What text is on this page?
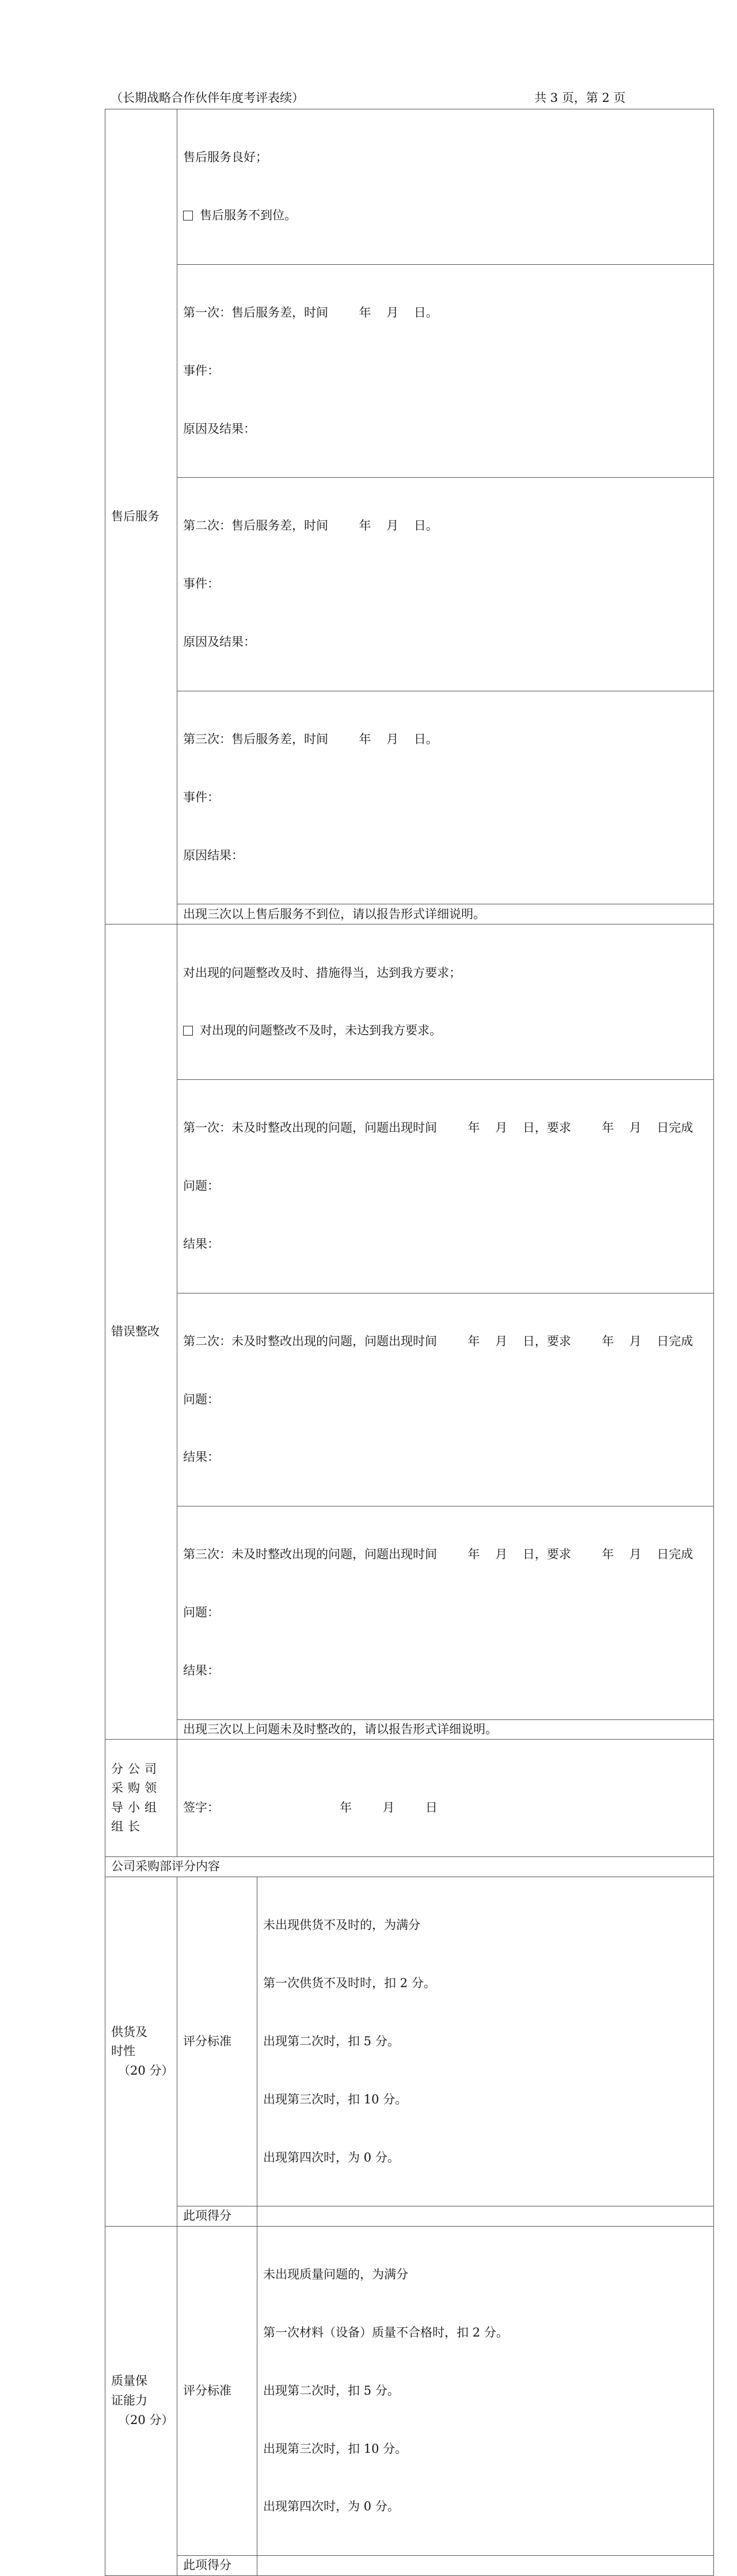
（长期战略合作伙伴年度考评表续）	共 3 页，第 2 页
售后服务	售后服务良好；

售后服务不到位。	

	第一次：售后服务差，时间        年    月    日。

事件：

原因及结果：	

	第二次：售后服务差，时间        年    月    日。

事件：

原因及结果：	

	第三次：售后服务差，时间        年    月    日。

事件：

原因结果：	

	出现三次以上售后服务不到位，请以报告形式详细说明。	
错误整改	对出现的问题整改及时、措施得当，达到我方要求；

对出现的问题整改不及时，未达到我方要求。	

	第一次：未及时整改出现的问题，问题出现时间        年    月    日，要求        年    月    日完成

问题：

结果：	

	第二次：未及时整改出现的问题，问题出现时间        年    月    日，要求        年    月    日完成

问题：

结果：	

	第三次：未及时整改出现的问题，问题出现时间        年    月    日，要求        年    月    日完成

问题：

结果：	

	出现三次以上问题未及时整改的，请以报告形式详细说明。	
分公司采购领导小组组长	签字：

年        月        日	

公司采购部评分内容		

供货及
时性
（20 分）	评分标准	未出现供货不及时的，为满分

第一次供货不及时时，扣 2 分。

出现第二次时，扣 5 分。

出现第三次时，扣 10 分。

出现第四次时，为 0 分。

	此项得分	

质量保
证能力
（20 分）	评分标准	未出现质量问题的，为满分

第一次材料（设备）质量不合格时，扣 2 分。

出现第二次时，扣 5 分。

出现第三次时，扣 10 分。

出现第四次时，为 0 分。

	此项得分	
